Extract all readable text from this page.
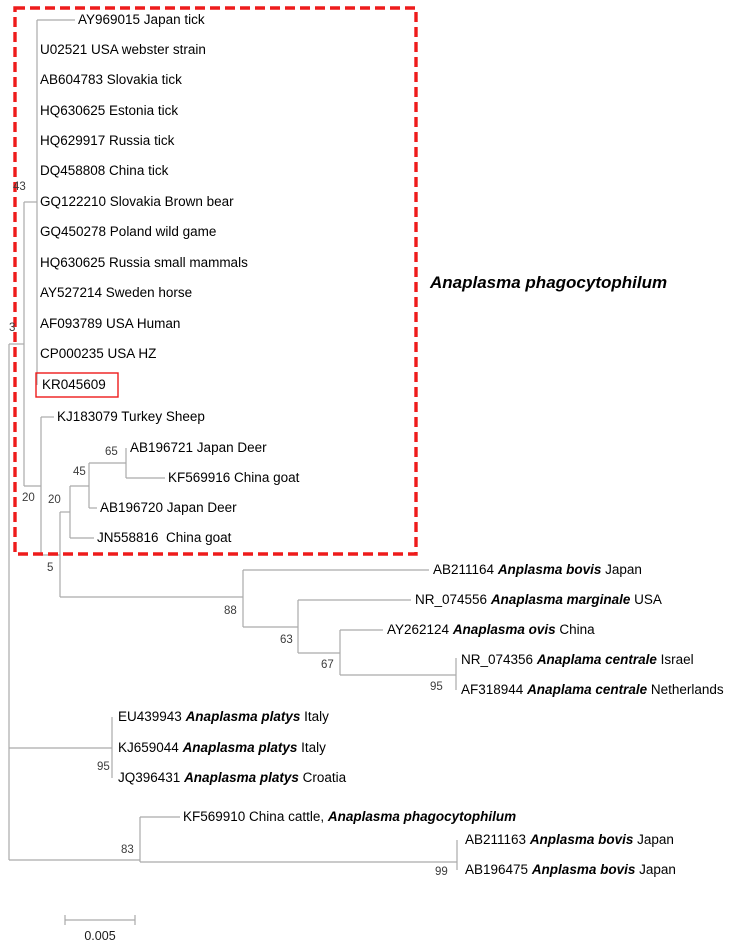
AY969015 Japan tick
U02521 USA webster strain
AB604783 Slovakia tick
HQ630625 Estonia tick
HQ629917 Russia tick
DQ458808 China tick
GQ122210 Slovakia Brown bear
GQ450278 Poland wild game
HQ630625 Russia small mammals
AY527214 Sweden horse
AF093789 USA Human
CP000235 USA HZ
KR045609
KJ183079 Turkey Sheep
AB196721 Japan Deer
KF569916 China goat
AB196720 Japan Deer
JN558816  China goat
AB211164 Anplasma bovis Japan
NR_074556 Anaplasma marginale USA
AY262124 Anaplasma ovis China
NR_074356 Anaplama centrale Israel
AF318944 Anaplama centrale Netherlands
EU439943 Anaplasma platys Italy
KJ659044 Anaplasma platys Italy
JQ396431 Anaplasma platys Croatia
KF569910 China cattle, Anaplasma phagocytophilum
AB211163 Anplasma bovis Japan
AB196475 Anplasma bovis Japan
43
3
20 20
45
65
5
88
63
67
95
95
83
99
Anaplasma phagocytophilum
0.005
